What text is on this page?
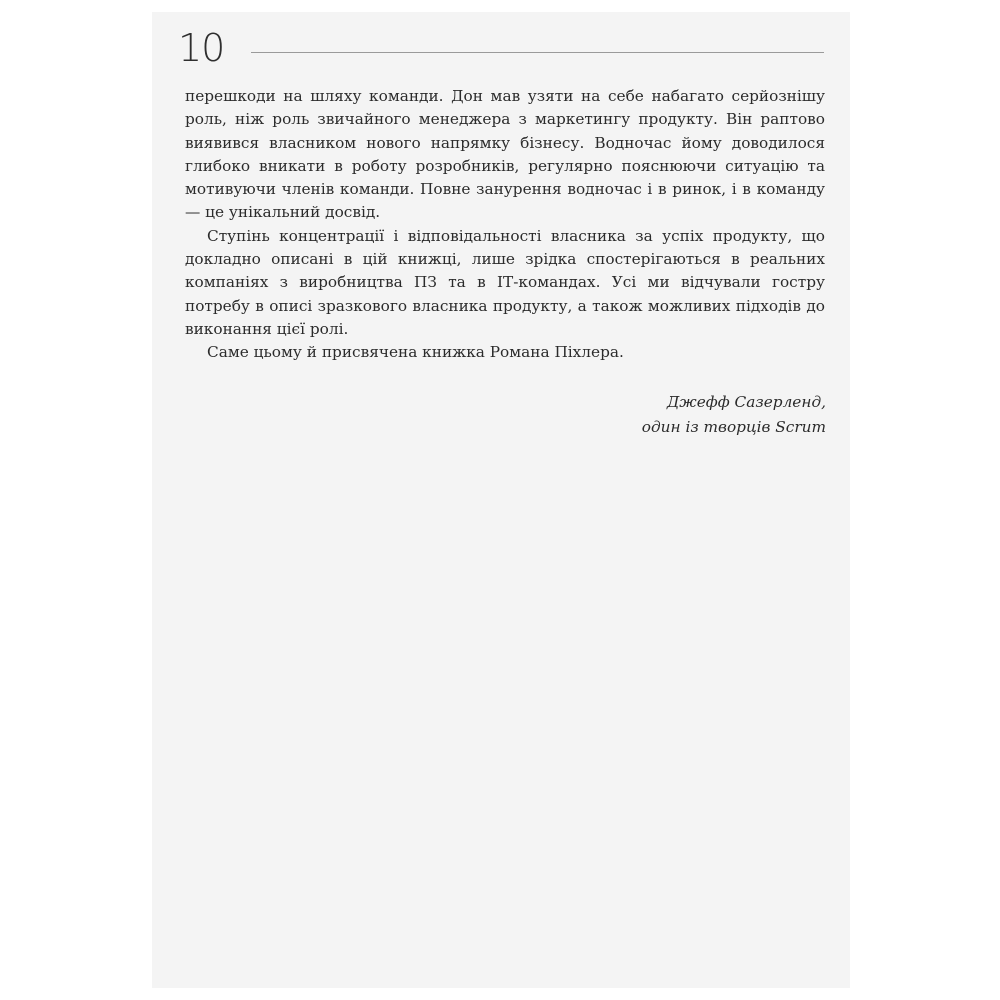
10

перешкоди на шляху команди. Дон мав узяти на себе набагато серйознішу роль, ніж роль звичайного менеджера з маркетингу продукту. Він раптово виявився власником нового напрямку бізнесу. Водночас йому доводилося глибоко вникати в роботу розробників, регулярно пояснюючи ситуацію та мотивуючи членів команди. Повне занурення водночас і в ринок, і в команду — це унікальний досвід.

Ступінь концентрації і відповідальності власника за успіх продукту, що докладно описані в цій книжці, лише зрідка спостерігаються в реальних компаніях з виробництва ПЗ та в ІТ-командах. Усі ми відчували гостру потребу в описі зразкового власника продукту, а також можливих підходів до виконання цієї ролі.

Саме цьому й присвячена книжка Романа Піхлера.

Джефф Сазерленд,
один із творців Scrum
